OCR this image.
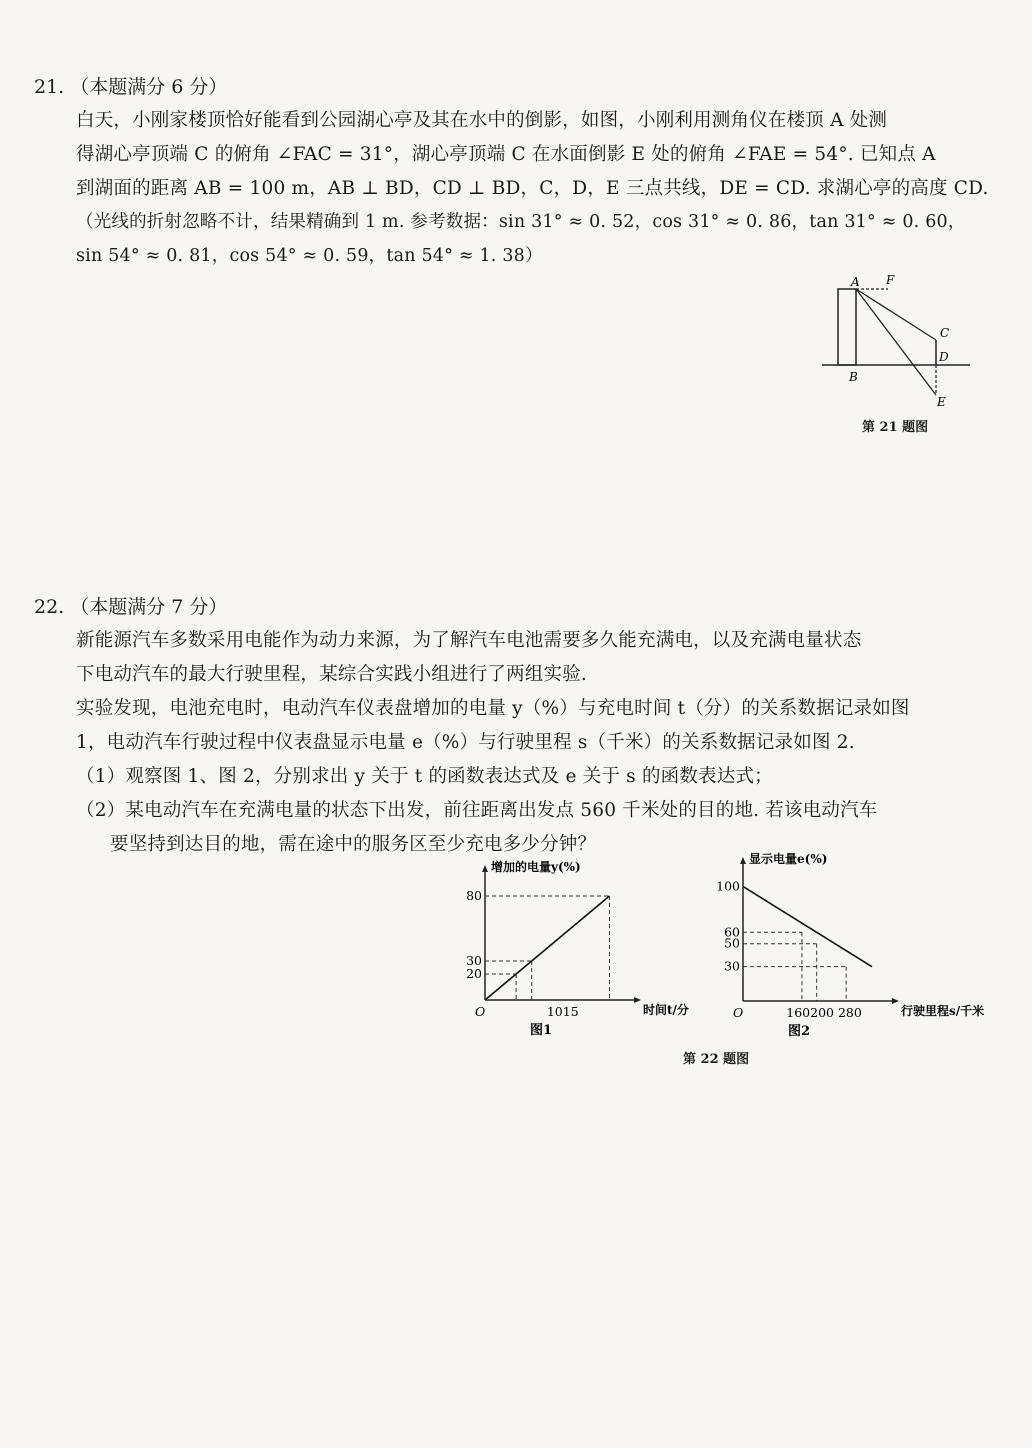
21. （本题满分 6 分）
白天，小刚家楼顶恰好能看到公园湖心亭及其在水中的倒影，如图，小刚利用测角仪在楼顶 A 处测
得湖心亭顶端 C 的俯角 ∠FAC = 31°，湖心亭顶端 C 在水面倒影 E 处的俯角 ∠FAE = 54°. 已知点 A
到湖面的距离 AB = 100 m，AB ⊥ BD，CD ⊥ BD，C，D，E 三点共线，DE = CD. 求湖心亭的高度 CD.
（光线的折射忽略不计，结果精确到 1 m. 参考数据：sin 31° ≈ 0. 52，cos 31° ≈ 0. 86，tan 31° ≈ 0. 60，
sin 54° ≈ 0. 81，cos 54° ≈ 0. 59，tan 54° ≈ 1. 38）
A F
C
D
B
E
第 21 题图
22. （本题满分 7 分）
新能源汽车多数采用电能作为动力来源，为了解汽车电池需要多久能充满电，以及充满电量状态
下电动汽车的最大行驶里程，某综合实践小组进行了两组实验.
实验发现，电池充电时，电动汽车仪表盘增加的电量 y（%）与充电时间 t（分）的关系数据记录如图
1，电动汽车行驶过程中仪表盘显示电量 e（%）与行驶里程 s（千米）的关系数据记录如图 2.
（1）观察图 1、图 2，分别求出 y 关于 t 的函数表达式及 e 关于 s 的函数表达式；
（2）某电动汽车在充满电量的状态下出发，前往距离出发点 560 千米处的目的地. 若该电动汽车
要坚持到达目的地，需在途中的服务区至少充电多少分钟？
20
30
80
1015
O
增加的电量y(%)
时间t/分
图1
30
50
60
100
160200 280
O
显示电量e(%)
行驶里程s/千米
图2
第 22 题图
